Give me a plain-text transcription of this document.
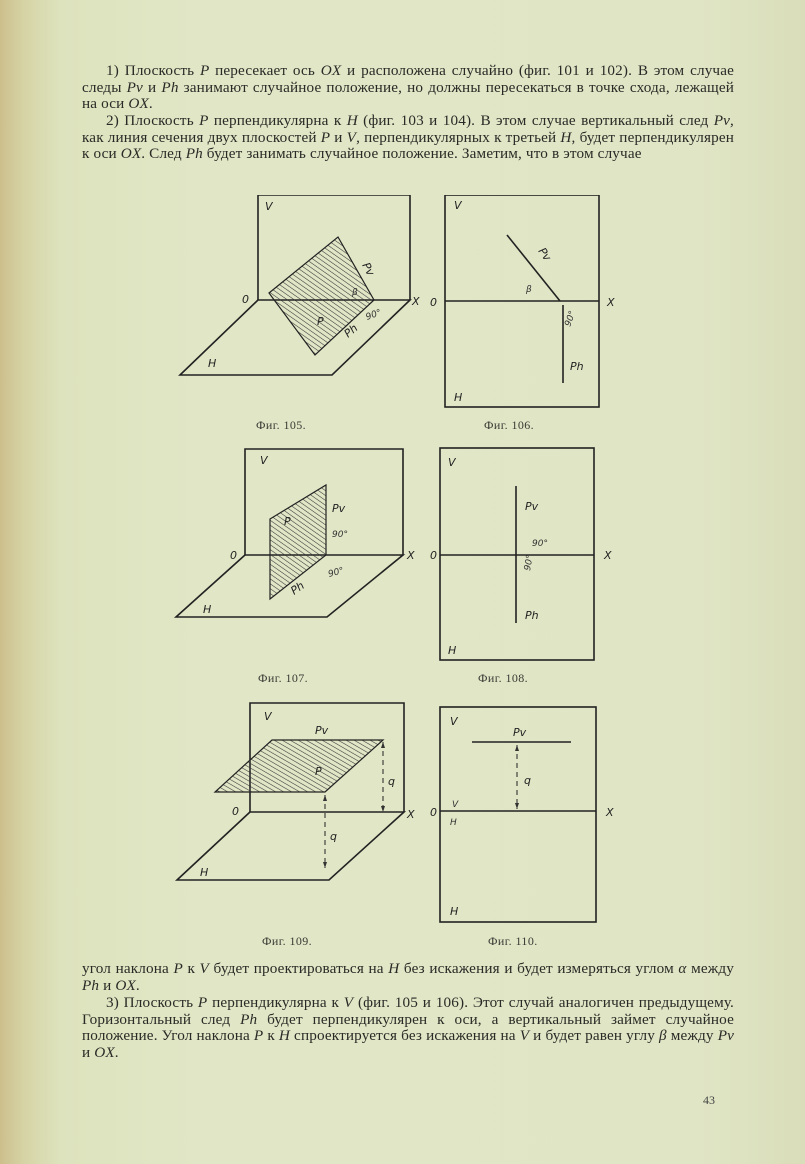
1) Плоскость P пересекает ось OX и расположена случайно (фиг. 101 и 102). В этом случае следы Pv и Ph занимают случайное положение, но должны пересекаться в точке схода, лежащей на оси OX.
2) Плоскость P перпендикулярна к H (фиг. 103 и 104). В этом случае вертикальный след Pv, как линия сечения двух плоскостей P и V, перпендикулярных к третьей H, будет перпендикулярен к оси OX. След Ph будет занимать случайное положение. Заметим, что в этом случае
V
0	X
H
P
Pv
Ph
90°
β
Фиг. 105.
V
0	X
H
Pv
Ph
90°
β
Фиг. 106.
V
0	X
H
P
Pv
Ph
90°
90°
Фиг. 107.
V
0	X
H
Pv
Ph
90°
90°
Фиг. 108.
V
0	X
H
P
Pv
q
q
Фиг. 109.
V
0	X
H
Pv
q
V
H
Фиг. 110.
угол наклона P к V будет проектироваться на H без искажения и будет измеряться углом α между Ph и OX.
3) Плоскость P перпендикулярна к V (фиг. 105 и 106). Этот случай аналогичен предыдущему. Горизонтальный след Ph будет перпендикулярен к оси, а вертикальный займет случайное положение. Угол наклона P к H спроектируется без искажения на V и будет равен углу β между Pv и OX.
43
